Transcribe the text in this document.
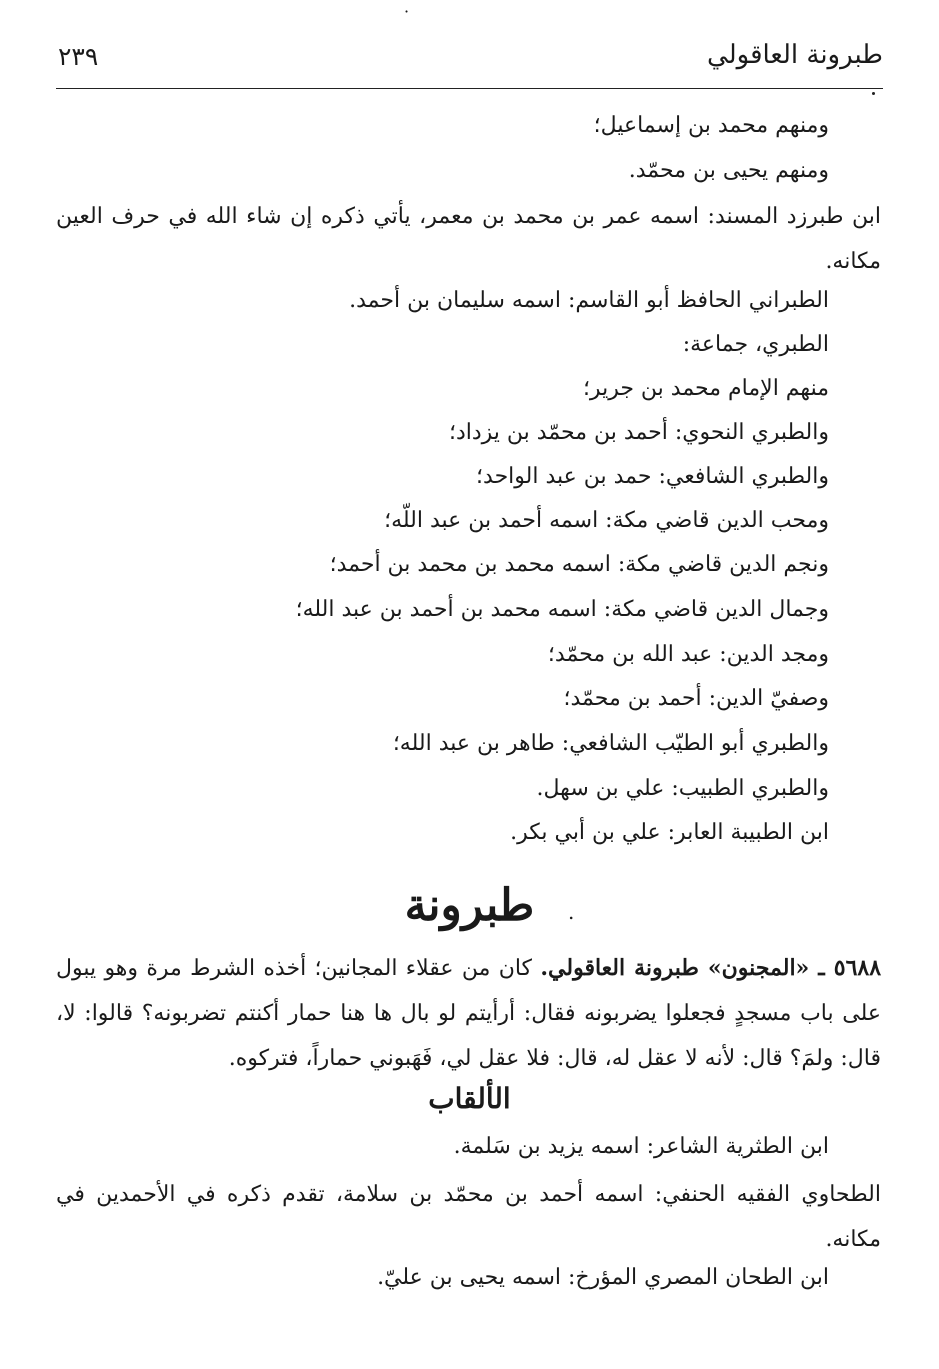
·
٢٣٩	طبرونة العاقولي
ومنهم محمد بن إسماعيل؛
ومنهم يحيى بن محمّد.
ابن طبرزد المسند: اسمه عمر بن محمد بن معمر، يأتي ذكره إن شاء الله في حرف العين مكانه.
الطبراني الحافظ أبو القاسم: اسمه سليمان بن أحمد.
الطبري، جماعة:
منهم الإمام محمد بن جرير؛
والطبري النحوي: أحمد بن محمّد بن يزداد؛
والطبري الشافعي: حمد بن عبد الواحد؛
ومحب الدين قاضي مكة: اسمه أحمد بن عبد اللّه؛
ونجم الدين قاضي مكة: اسمه محمد بن محمد بن أحمد؛
وجمال الدين قاضي مكة: اسمه محمد بن أحمد بن عبد الله؛
ومجد الدين: عبد الله بن محمّد؛
وصفيّ الدين: أحمد بن محمّد؛
والطبري أبو الطيّب الشافعي: طاهر بن عبد الله؛
والطبري الطبيب: علي بن سهل.
ابن الطبيبة العابر: علي بن أبي بكر.
طبرونة	.
٥٦٨٨ ـ «المجنون» طبرونة العاقولي. كان من عقلاء المجانين؛ أخذه الشرط مرة وهو يبول على باب مسجدٍ فجعلوا يضربونه فقال: أرأيتم لو بال ها هنا حمار أكنتم تضربونه؟ قالوا: لا، قال: ولمَ؟ قال: لأنه لا عقل له، قال: فلا عقل لي، فَهَبوني حماراً، فتركوه.
الألقاب
ابن الطثرية الشاعر: اسمه يزيد بن سَلمة.
الطحاوي الفقيه الحنفي: اسمه أحمد بن محمّد بن سلامة، تقدم ذكره في الأحمدين في مكانه.
ابن الطحان المصري المؤرخ: اسمه يحيى بن عليّ.
